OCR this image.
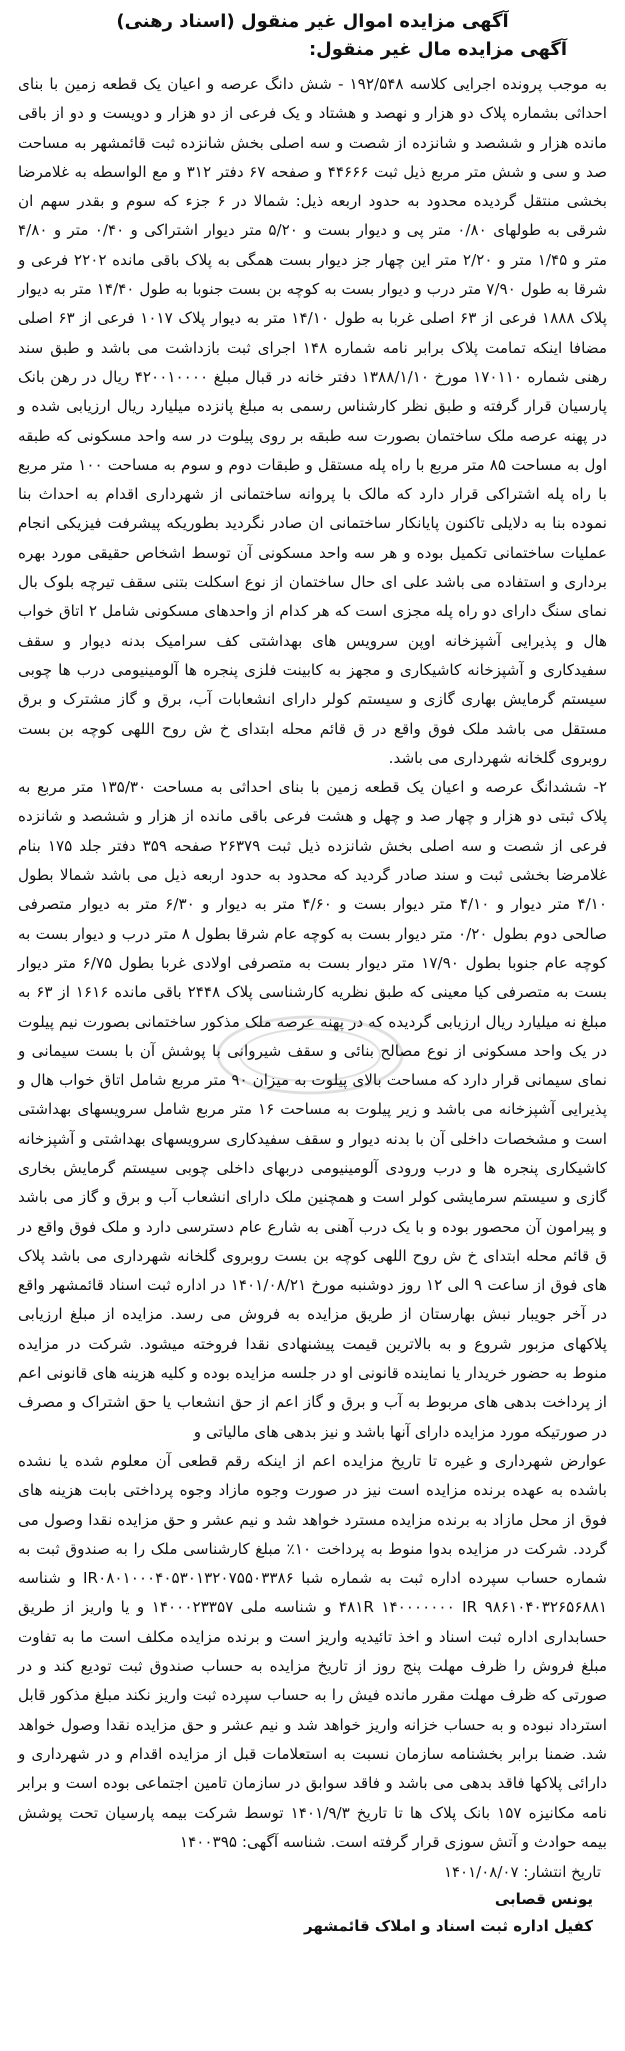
آگهی مزایده اموال غیر منقول (اسناد رهنی)
آگهی مزایده مال غیر منقول:

به موجب پرونده اجرایی کلاسه ۱۹۲/۵۴۸ - شش دانگ عرصه و اعیان یک قطعه زمین با بنای احداثی بشماره پلاک دو هزار و نهصد و هشتاد و یک فرعی از دو هزار و دویست و دو از باقی مانده هزار و ششصد و شانزده از شصت و سه اصلی بخش شانزده ثبت قائمشهر به مساحت صد و سی و شش متر مربع ذیل ثبت ۴۴۶۶۶ و صفحه ۶۷ دفتر ۳۱۲ و مع الواسطه به غلامرضا بخشی منتقل گردیده محدود به حدود اربعه ذیل: شمالا در ۶ جزء که سوم و بقدر سهم ان شرقی به طولهای ۰/۸۰ متر پی و دیوار بست و ۵/۲۰ متر دیوار اشتراکی و ۰/۴۰ متر و ۴/۸۰ متر و ۱/۴۵ متر و ۲/۲۰ متر این چهار جز دیوار بست همگی به پلاک باقی مانده ۲۲۰۲ فرعی و شرقا به طول ۷/۹۰ متر درب و دیوار بست به کوچه بن بست جنوبا به طول ۱۴/۴۰ متر به دیوار پلاک ۱۸۸۸ فرعی از ۶۳ اصلی غربا به طول ۱۴/۱۰ متر به دیوار پلاک ۱۰۱۷ فرعی از ۶۳ اصلی مضافا اینکه تمامت پلاک برابر نامه شماره ۱۴۸ اجرای ثبت بازداشت می باشد و طبق سند رهنی شماره ۱۷۰۱۱۰ مورخ ۱۳۸۸/۱/۱۰ دفتر خانه در قبال مبلغ ۴۲۰۰۱۰۰۰۰ ریال در رهن بانک پارسیان قرار گرفته و طبق نظر کارشناس رسمی به مبلغ پانزده میلیارد ریال ارزیابی شده و در پهنه عرصه ملک ساختمان بصورت سه طبقه بر روی پیلوت در سه واحد مسکونی که طبقه اول به مساحت ۸۵ متر مربع با راه پله مستقل و طبقات دوم و سوم به مساحت ۱۰۰ متر مربع با راه پله اشتراکی قرار دارد که مالک با پروانه ساختمانی از شهرداری اقدام به احداث بنا نموده بنا به دلایلی تاکنون پایانکار ساختمانی ان صادر نگردید بطوریکه پیشرفت فیزیکی انجام عملیات ساختمانی تکمیل بوده و هر سه واحد مسکونی آن توسط اشخاص حقیقی مورد بهره برداری و استفاده می باشد علی ای حال ساختمان از نوع اسکلت بتنی سقف تیرچه بلوک بال نمای سنگ دارای دو راه پله مجزی است که هر کدام از واحدهای مسکونی شامل ۲ اتاق خواب هال و پذیرایی آشپزخانه اوپن سرویس های بهداشتی کف سرامیک بدنه دیوار و سقف سفیدکاری و آشپزخانه کاشیکاری و مجهز به کابینت فلزی پنجره ها آلومینیومی درب ها چوبی سیستم گرمایش بهاری گازی و سیستم کولر دارای انشعابات آب، برق و گاز مشترک و برق مستقل می باشد ملک فوق واقع در ق قائم محله ابتدای خ ش روح اللهی کوچه بن بست روبروی گلخانه شهرداری می باشد.

۲- ششدانگ عرصه و اعیان یک قطعه زمین با بنای احداثی به مساحت ۱۳۵/۳۰ متر مربع به پلاک ثبتی دو هزار و چهار صد و چهل و هشت فرعی باقی مانده از هزار و ششصد و شانزده فرعی از شصت و سه اصلی بخش شانزده ذیل ثبت ۲۶۳۷۹ صفحه ۳۵۹ دفتر جلد ۱۷۵ بنام غلامرضا بخشی ثبت و سند صادر گردید که محدود به حدود اربعه ذیل می باشد شمالا بطول ۴/۱۰ متر دیوار و ۴/۱۰ متر دیوار بست و ۴/۶۰ متر به دیوار و ۶/۳۰ متر به دیوار متصرفی صالحی دوم بطول ۰/۲۰ متر دیوار بست به کوچه عام شرقا بطول ۸ متر درب و دیوار بست به کوچه عام جنوبا بطول ۱۷/۹۰ متر دیوار بست به متصرفی اولادی غربا بطول ۶/۷۵ متر دیوار بست به متصرفی کیا معینی که طبق نظریه کارشناسی پلاک ۲۴۴۸ باقی مانده ۱۶۱۶ از ۶۳ به مبلغ نه میلیارد ریال ارزیابی گردیده که در پهنه عرصه ملک مذکور ساختمانی بصورت نیم پیلوت در یک واحد مسکونی از نوع مصالح بنائی و سقف شیروانی با پوشش آن با بست سیمانی و نمای سیمانی قرار دارد که مساحت بالای پیلوت به میزان ۹۰ متر مربع شامل اتاق خواب هال و پذیرایی آشپزخانه می باشد و زیر پیلوت به مساحت ۱۶ متر مربع شامل سرویسهای بهداشتی است و مشخصات داخلی آن با بدنه دیوار و سقف سفیدکاری سرویسهای بهداشتی و آشپزخانه کاشیکاری پنجره ها و درب ورودی آلومینیومی دربهای داخلی چوبی سیستم گرمایش بخاری گازی و سیستم سرمایشی کولر است و همچنین ملک دارای انشعاب آب و برق و گاز می باشد و پیرامون آن محصور بوده و با یک درب آهنی به شارع عام دسترسی دارد و ملک فوق واقع در ق قائم محله ابتدای خ ش روح اللهی کوچه بن بست روبروی گلخانه شهرداری می باشد پلاک های فوق از ساعت ۹ الی ۱۲ روز دوشنبه مورخ ۱۴۰۱/۰۸/۲۱ در اداره ثبت اسناد قائمشهر واقع در آخر جویبار نبش بهارستان از طریق مزایده به فروش می رسد. مزایده از مبلغ ارزیابی پلاکهای مزبور شروع و به بالاترین قیمت پیشنهادی نقدا فروخته میشود. شرکت در مزایده منوط به حضور خریدار یا نماینده قانونی او در جلسه مزایده بوده و کلیه هزینه های قانونی اعم از پرداخت بدهی های مربوط به آب و برق و گاز اعم از حق انشعاب یا حق اشتراک و مصرف در صورتیکه مورد مزایده دارای آنها باشد و نیز بدهی های مالیاتی و

عوارض شهرداری و غیره تا تاریخ مزایده اعم از اینکه رقم قطعی آن معلوم شده یا نشده باشده به عهده برنده مزایده است نیز در صورت وجوه مازاد وجوه پرداختی بابت هزینه های فوق از محل مازاد به برنده مزایده مسترد خواهد شد و نیم عشر و حق مزایده نقدا وصول می گردد. شرکت در مزایده بدوا منوط به پرداخت ۱۰٪ مبلغ کارشناسی ملک را به صندوق ثبت به شماره حساب سپرده اداره ثبت به شماره شبا IR۰۸۰۱۰۰۰۴۰۵۳۰۱۳۲۰۷۵۵۰۳۳۸۶ و شناسه ۴۸۱R ۱۴۰۰۰۰۰۰۰ IR ۹۸۶۱۰۴۰۳۲۶۵۶۸۸۱ و شناسه ملی ۱۴۰۰۰۲۳۳۵۷ و یا واریز از طریق حسابداری اداره ثبت اسناد و اخذ تائیدیه واریز است و برنده مزایده مکلف است ما به تفاوت مبلغ فروش را ظرف مهلت پنج روز از تاریخ مزایده به حساب صندوق ثبت تودیع کند و در صورتی که ظرف مهلت مقرر مانده فیش را به حساب سپرده ثبت واریز نکند مبلغ مذکور قابل استرداد نبوده و به حساب خزانه واریز خواهد شد و نیم عشر و حق مزایده نقدا وصول خواهد شد. ضمنا برابر بخشنامه سازمان نسبت به استعلامات قبل از مزایده اقدام و در شهرداری و دارائی پلاکها فاقد بدهی می باشد و فاقد سوابق در سازمان تامین اجتماعی بوده است و برابر نامه مکانیزه ۱۵۷ بانک پلاک ها تا تاریخ ۱۴۰۱/۹/۳ توسط شرکت بیمه پارسیان تحت پوشش بیمه حوادث و آتش سوزی قرار گرفته است. شناسه آگهی: ۱۴۰۰۳۹۵

تاریخ انتشار: ۱۴۰۱/۰۸/۰۷

یونس قصابی

کفیل اداره ثبت اسناد و املاک قائمشهر
